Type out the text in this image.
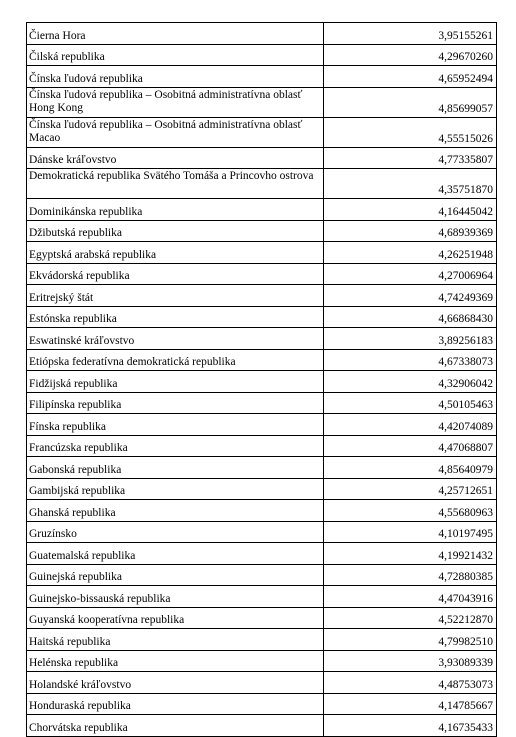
Čierna Hora	3,95155261
Čilská republika	4,29670260
Čínska ľudová republika	4,65952494
Čínska ľudová republika – Osobitná administratívna oblasť Hong Kong	4,85699057
Čínska ľudová republika – Osobitná administratívna oblasť Macao	4,55515026
Dánske kráľovstvo	4,77335807
Demokratická republika Svätého Tomáša a Princovho ostrova	4,35751870
Dominikánska republika	4,16445042
Džibutská republika	4,68939369
Egyptská arabská republika	4,26251948
Ekvádorská republika	4,27006964
Eritrejský štát	4,74249369
Estónska republika	4,66868430
Eswatinské kráľovstvo	3,89256183
Etiópska federatívna demokratická republika	4,67338073
Fidžijská republika	4,32906042
Filipínska republika	4,50105463
Fínska republika	4,42074089
Francúzska republika	4,47068807
Gabonská republika	4,85640979
Gambijská republika	4,25712651
Ghanská republika	4,55680963
Gruzínsko	4,10197495
Guatemalská republika	4,19921432
Guinejská republika	4,72880385
Guinejsko-bissauská republika	4,47043916
Guyanská kooperatívna republika	4,52212870
Haitská republika	4,79982510
Helénska republika	3,93089339
Holandské kráľovstvo	4,48753073
Honduraská republika	4,14785667
Chorvátska republika	4,16735433
